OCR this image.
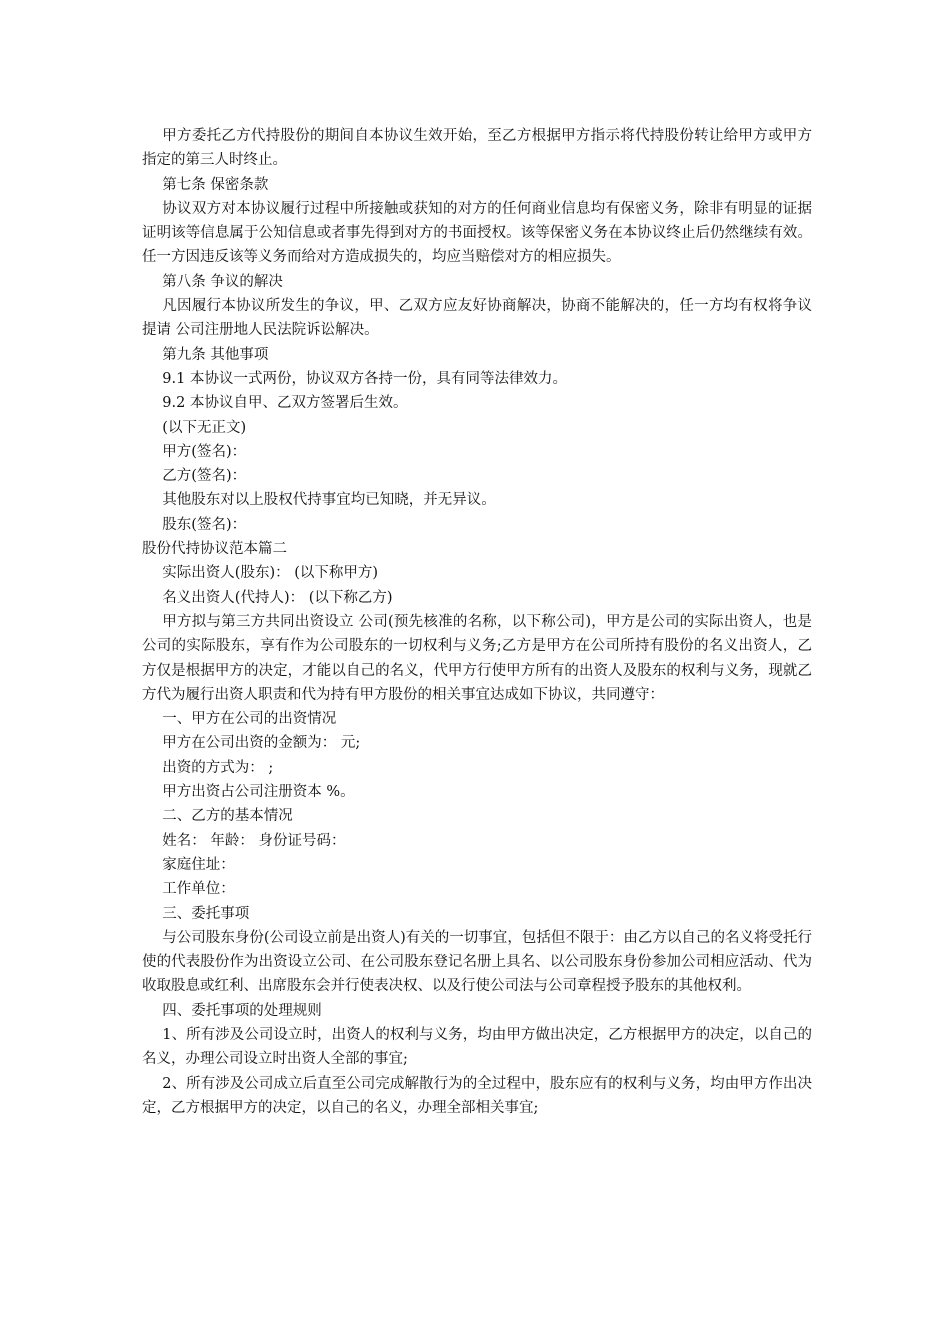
甲方委托乙方代持股份的期间自本协议生效开始，至乙方根据甲方指示将代持股份转让给甲方或甲方指定的第三人时终止。

第七条 保密条款

协议双方对本协议履行过程中所接触或获知的对方的任何商业信息均有保密义务，除非有明显的证据证明该等信息属于公知信息或者事先得到对方的书面授权。该等保密义务在本协议终止后仍然继续有效。任一方因违反该等义务而给对方造成损失的，均应当赔偿对方的相应损失。

第八条 争议的解决

凡因履行本协议所发生的争议，甲、乙双方应友好协商解决，协商不能解决的，任一方均有权将争议提请 公司注册地人民法院诉讼解决。

第九条 其他事项

9.1 本协议一式两份，协议双方各持一份，具有同等法律效力。

9.2 本协议自甲、乙双方签署后生效。

(以下无正文)

甲方(签名)：

乙方(签名)：

其他股东对以上股权代持事宜均已知晓，并无异议。

股东(签名)：

股份代持协议范本篇二

实际出资人(股东)： (以下称甲方)

名义出资人(代持人)： (以下称乙方)

甲方拟与第三方共同出资设立 公司(预先核准的名称，以下称公司)，甲方是公司的实际出资人，也是公司的实际股东，享有作为公司股东的一切权利与义务;乙方是甲方在公司所持有股份的名义出资人，乙方仅是根据甲方的决定，才能以自己的名义，代甲方行使甲方所有的出资人及股东的权利与义务，现就乙方代为履行出资人职责和代为持有甲方股份的相关事宜达成如下协议，共同遵守：

一、甲方在公司的出资情况

甲方在公司出资的金额为： 元;

出资的方式为： ;

甲方出资占公司注册资本 %。

二、乙方的基本情况

姓名： 年龄： 身份证号码：

家庭住址：

工作单位：

三、委托事项

与公司股东身份(公司设立前是出资人)有关的一切事宜，包括但不限于：由乙方以自己的名义将受托行使的代表股份作为出资设立公司、在公司股东登记名册上具名、以公司股东身份参加公司相应活动、代为收取股息或红利、出席股东会并行使表决权、以及行使公司法与公司章程授予股东的其他权利。

四、委托事项的处理规则

1、所有涉及公司设立时，出资人的权利与义务，均由甲方做出决定，乙方根据甲方的决定，以自己的名义，办理公司设立时出资人全部的事宜;

2、所有涉及公司成立后直至公司完成解散行为的全过程中，股东应有的权利与义务，均由甲方作出决定，乙方根据甲方的决定，以自己的名义，办理全部相关事宜;
